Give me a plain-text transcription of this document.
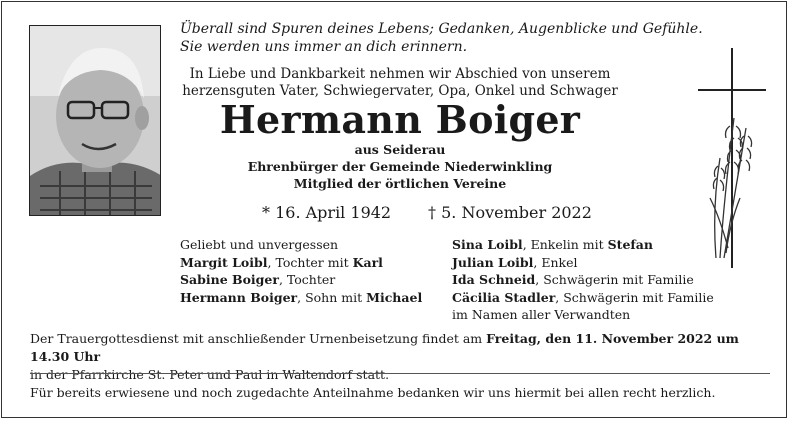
Überall sind Spuren deines Lebens; Gedanken, Augenblicke und Gefühle.
Sie werden uns immer an dich erinnern.
In Liebe und Dankbarkeit nehmen wir Abschied von unserem
herzensguten Vater, Schwiegervater, Opa, Onkel und Schwager
Hermann Boiger
aus Seiderau
Ehrenbürger der Gemeinde Niederwinkling
Mitglied der örtlichen Vereine
* 16. April 1942 † 5. November 2022
Geliebt und unvergessen
Margit Loibl, Tochter mit Karl
Sabine Boiger, Tochter
Hermann Boiger, Sohn mit Michael
Sina Loibl, Enkelin mit Stefan
Julian Loibl, Enkel
Ida Schneid, Schwägerin mit Familie
Cäcilia Stadler, Schwägerin mit Familie
im Namen aller Verwandten
Der Trauergottesdienst mit anschließender Urnenbeisetzung findet am Freitag, den 11. November 2022 um 14.30 Uhr
in der Pfarrkirche St. Peter und Paul in Waltendorf statt.
Für bereits erwiesene und noch zugedachte Anteilnahme bedanken wir uns hiermit bei allen recht herzlich.
